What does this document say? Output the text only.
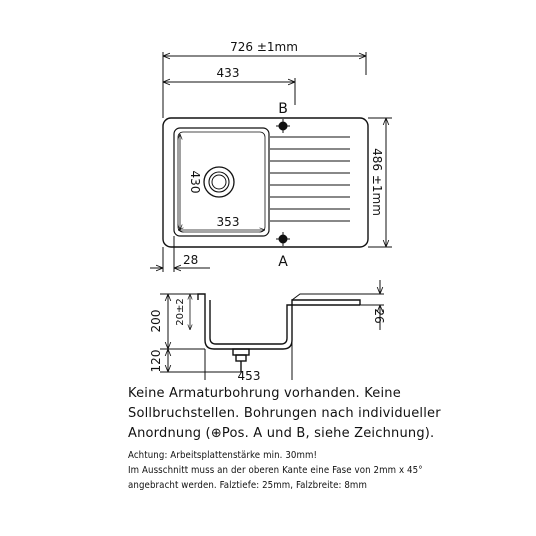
726 ±1mm
433
B
A
430
353
486 ±1mm
28
200
120
20±2	26
453

Keine Armaturbohrung vorhanden. Keine

Sollbruchstellen. Bohrungen nach individueller

Anordnung (⊕Pos. A und B, siehe Zeichnung).

Achtung: Arbeitsplattenstärke min. 30mm!

Im Ausschnitt muss an der oberen Kante eine Fase von 2mm x 45°

angebracht werden. Falztiefe: 25mm, Falzbreite: 8mm
